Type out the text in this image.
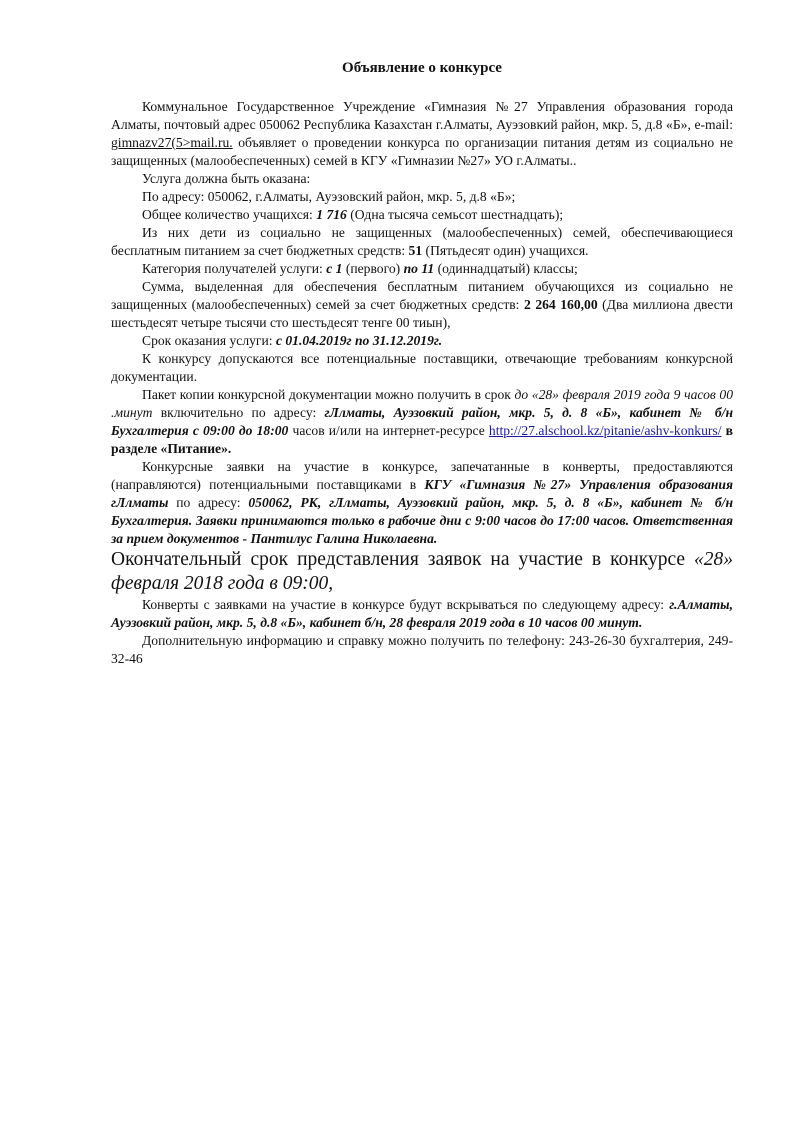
Объявление о конкурсе

Коммунальное Государственное Учреждение «Гимназия №27 Управления образования города Алматы, почтовый адрес 050062 Республика Казахстан г.Алматы, Ауэзовкий район, мкр. 5, д.8 «Б», e-mail: gimnazv27(5>mail.ru. объявляет о проведении конкурса по организации питания детям из социально не защищенных (малообеспеченных) семей в КГУ «Гимназии №27» УО г.Алматы..

Услуга должна быть оказана:

По адресу: 050062, г.Алматы, Ауэзовский район, мкр. 5, д.8 «Б»;

Общее количество учащихся: 1 716 (Одна тысяча семьсот шестнадцать);

Из них дети из социально не защищенных (малообеспеченных) семей, обеспечивающиеся бесплатным питанием за счет бюджетных средств: 51 (Пятьдесят один) учащихся.

Категория получателей услуги: с 1 (первого) по 11 (одиннадцатый) классы;

Сумма, выделенная для обеспечения бесплатным питанием обучающихся из социально не защищенных (малообеспеченных) семей за счет бюджетных средств: 2 264 160,00 (Два миллиона двести шестьдесят четыре тысячи сто шестьдесят тенге 00 тиын),

Срок оказания услуги: с 01.04.2019г по 31.12.2019г.

К конкурсу допускаются все потенциальные поставщики, отвечающие требованиям конкурсной документации.

Пакет копии конкурсной документации можно получить в срок до «28» февраля 2019 года 9 часов 00 .минут включительно по адресу: гЛлматы, Ауэзовкий район, мкр. 5, д. 8 «Б», кабинет № б/н Бухгалтерия с 09:00 до 18:00 часов и/или на интернет-ресурсе http://27.alschool.kz/pitanie/ashv-konkurs/ в разделе «Питание».

Конкурсные заявки на участие в конкурсе, запечатанные в конверты, предоставляются (направляются) потенциальными поставщиками в КГУ «Гимназия №27» Управления образования гЛлматы по адресу: 050062, РК, гЛлматы, Ауэзовкий район, мкр. 5, д. 8 «Б», кабинет № б/н Бухгалтерия. Заявки принимаются только в рабочие дни с 9:00 часов до 17:00 часов. Ответственная за прием документов - Пантилус Галина Николаевна.

Окончательный срок представления заявок на участие в конкурсе «28» февраля 2018 года в 09:00,

Конверты с заявками на участие в конкурсе будут вскрываться по следующему адресу: г.Алматы, Ауэзовкий район, мкр. 5, д.8 «Б», кабинет б/н, 28 февраля 2019 года в 10 часов 00 минут.

Дополнительную информацию и справку можно получить по телефону: 243-26-30 бухгалтерия, 249-32-46
